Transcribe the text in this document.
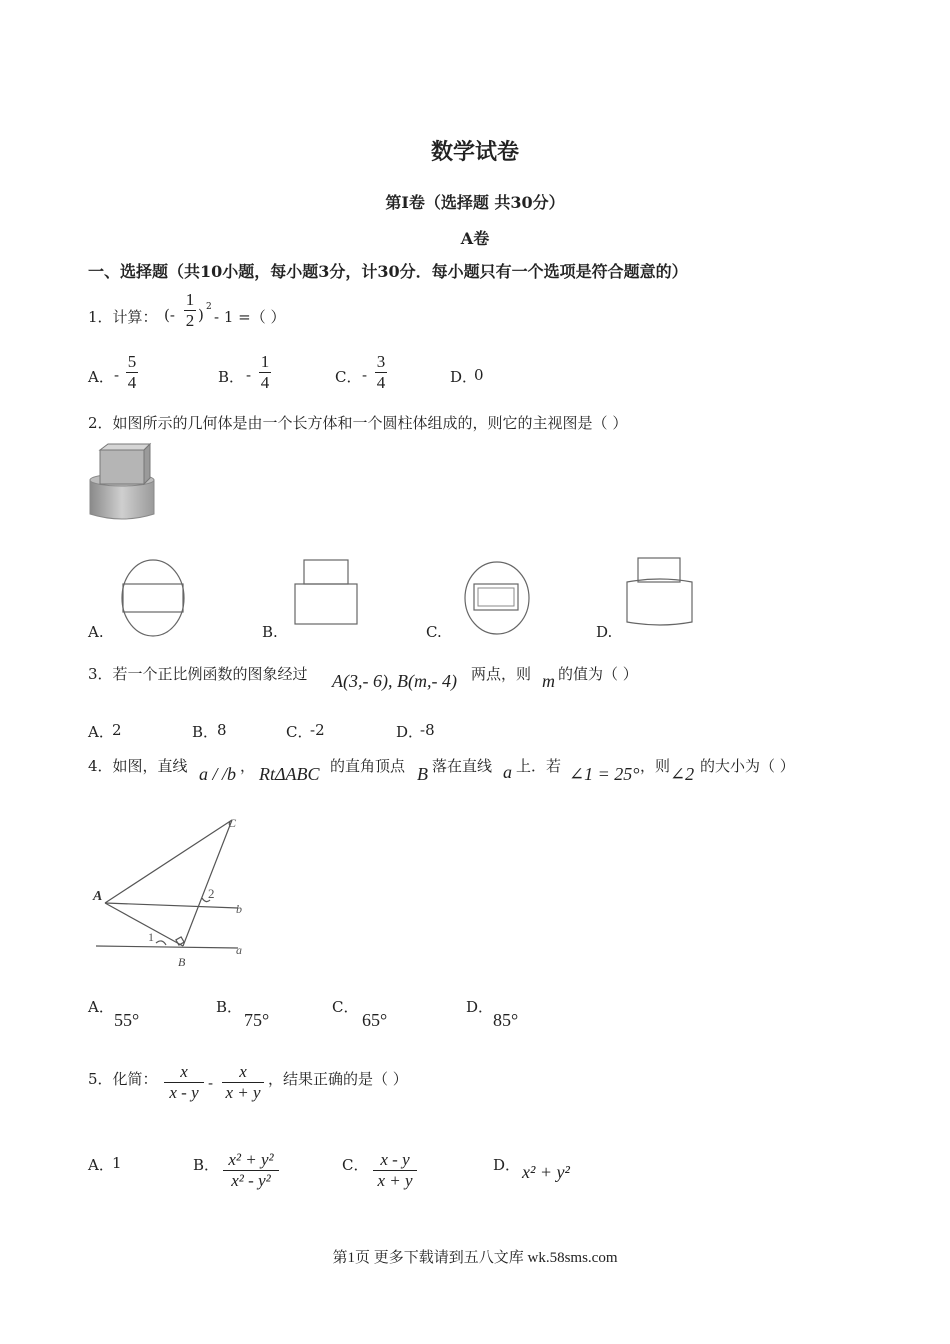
数学试卷
第Ⅰ卷（选择题 共30分）
A卷
一、选择题（共10小题，每小题3分，计30分．每小题只有一个选项是符合题意的）
1．计算： (-
1
2 ) 2
- 1 =（ ）
A． -
5
4	B． -
1
4	C． -
3
4	D．
0
2．如图所示的几何体是由一个长方体和一个圆柱体组成的，则它的主视图是（ ）
A.	B.	C.	D.
3．若一个正比例函数的图象经过 A(3,- 6), B(m,- 4) 两点，则 m 的值为（ ）
A．
2	B．
8	C．
-2	D．
-8
4．如图，直线 a / /b ， RtΔABC 的直角顶点 B 落在直线 a 上．若 ∠1 = 25° ，则 ∠2 的大小为（ ）
C
A
B
b
a
1
2
A．
55°
B．
75°
C．
65°
D．
85°
5．化简：	x
x - y -
x
x + y
，结果正确的是（ ）
A．
1	B． x² + y²
x² - y²
C． x - y
x + y
D． x² + y²
第1页 更多下载请到五八文库 wk.58sms.com
